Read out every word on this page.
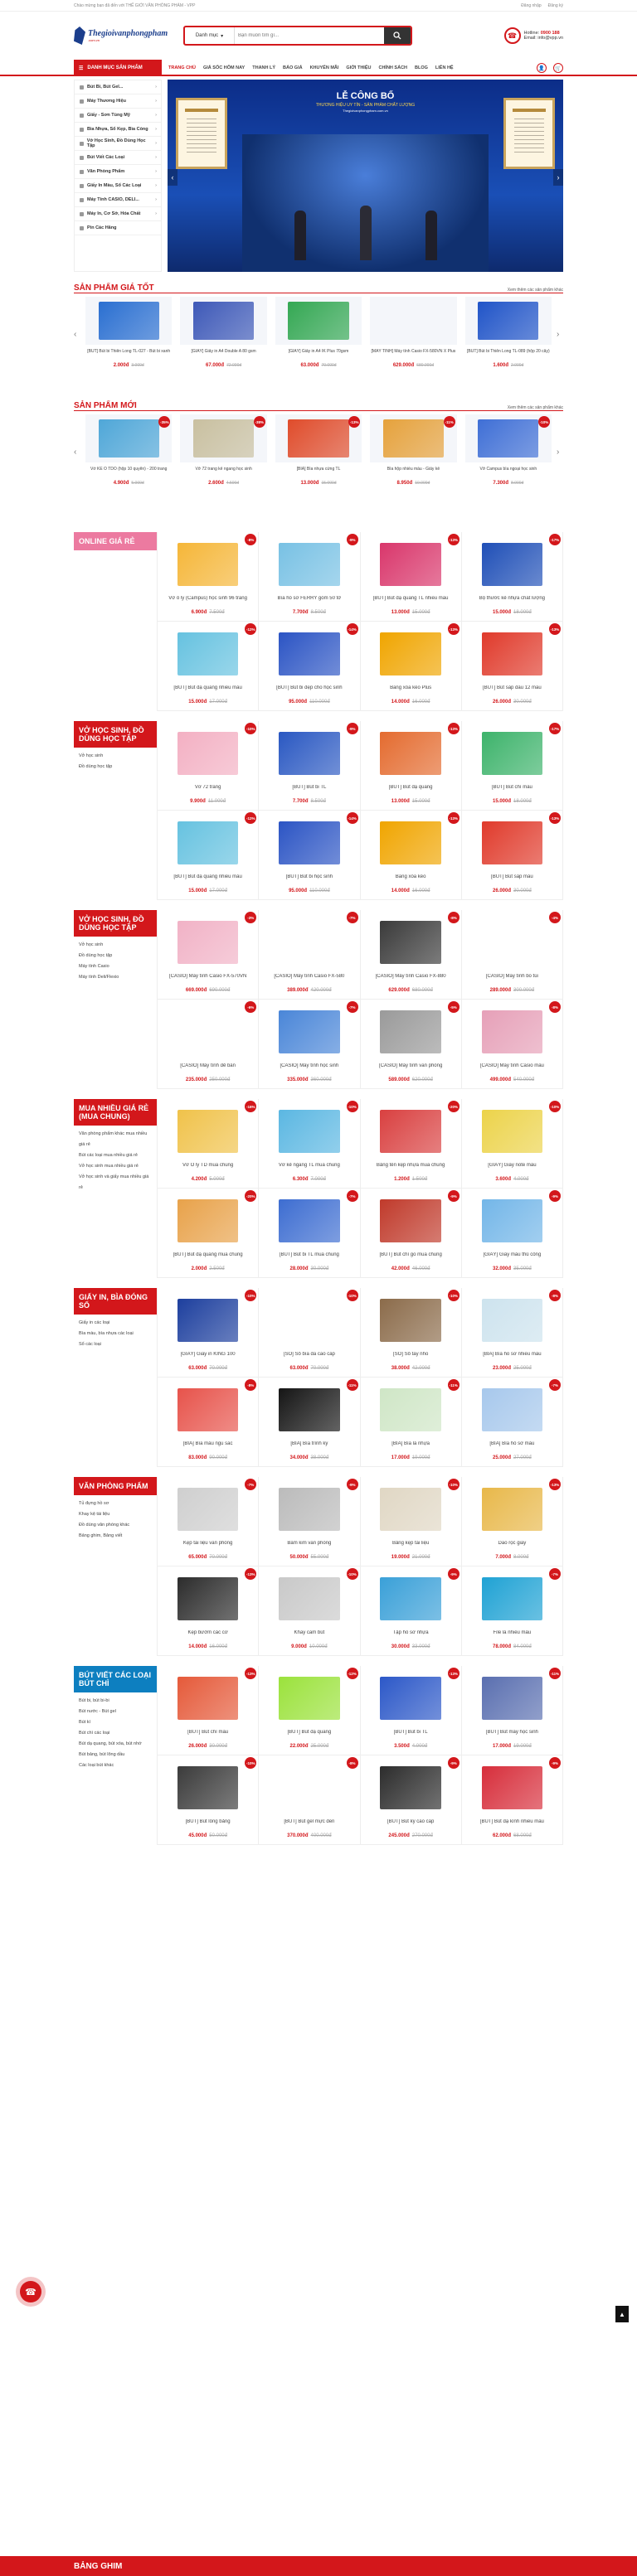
Chào mừng bạn đã đến với THẾ GIỚI VĂN PHÒNG PHẨM - VPP	Đăng nhập Đăng ký
Thegioivanphongpham
.com.vn
Danh mục ▾
Bạn muốn tìm gì...	☎	Hotline: 0900 188
Email: info@vpp.vn
☰ DANH MỤC SẢN PHẨM	TRANG CHỦ GIÁ SỐC HÔM NAY THANH LÝ BÁO GIÁ KHUYẾN MÃI GIỚI THIỆU CHÍNH SÁCH BLOG LIÊN HỆ	👤	🛒
Bút Bi, Bút Gel...
›
Máy Thương Hiệu
›
Giấy - Sơn Tùng Mỹ
›
Bìa Nhựa, Sổ Kẹp, Bìa Còng
›
Vở Học Sinh, Đồ Dùng Học Tập
›
Bút Viết Các Loại
›
Văn Phòng Phẩm
›
Giấy In Màu, Sổ Các Loại
›
Máy Tính CASIO, DELI...
›
Máy In, Cơ Sở, Hóa Chất
›
Pin Các Hãng
LỄ CÔNG BỐ
THƯƠNG HIỆU UY TÍN - SẢN PHẨM CHẤT LƯỢNG
Thegioivanphongpham.com.vn
‹	›
SẢN PHẨM GIÁ TỐT	Xem thêm các sản phẩm khác
‹
[BÚT] Bút bi Thiên Long TL-027 - Bút bi xanh
2.000đ 3.000đ
[GIẤY] Giấy in A4 Double A 80 gsm
67.000đ 72.000đ
[GIẤY] Giấy in A4 IK Plus 70gsm
63.000đ 70.000đ
[MÁY TÍNH] Máy tính Casio FX-580VN X Plus
629.000đ 680.000đ
[BÚT] Bút bi Thiên Long TL-089 (hộp 20 cây)
1.600đ 2.000đ
›
SẢN PHẨM MỚI	Xem thêm các sản phẩm khác
‹
-35%
Vở KẺ Ô TDO (hộp 10 quyển) - 200 trang
4.900đ 5.000đ
-38%
Vở 72 trang kẻ ngang học sinh
2.600đ 4.500đ
-13%
[BÌA] Bìa nhựa cứng TL
13.000đ 15.000đ
-11%
Bìa hộp nhiều màu - Giấy kẻ
8.950đ 10.000đ
-10%
Vở Campus bìa ngoại học sinh
7.300đ 8.000đ
›
ONLINE GIÁ RẺ	-8%
Vở ô ly (Campus) học sinh 96 trang
6.900đ 7.500đ
-9%
Bìa hồ sơ FERRY gồm 50 tờ
7.700đ 8.500đ
-13%
[BÚT] Bút dạ quang TL nhiều màu
13.000đ 15.000đ
-17%
Bộ thước kẻ nhựa chất lượng
15.000đ 18.000đ
-12%
[BÚT] Bút dạ quang nhiều màu
15.000đ 17.000đ
-14%
[BÚT] Bút bi đẹp cho học sinh
95.000đ 110.000đ
-13%
Băng xóa kéo Plus
14.000đ 16.000đ
-13%
[BÚT] Bút sáp dầu 12 màu
26.000đ 30.000đ
VỞ HỌC SINH, ĐỒ DÙNG HỌC TẬP
Vở học sinh
Đồ dùng học tập
-10%
Vở 72 trang
9.900đ 11.000đ
-9%
[BÚT] Bút bi TL
7.700đ 8.500đ
-13%
[BÚT] Bút dạ quang
13.000đ 15.000đ
-17%
[BÚT] Bút chì màu
15.000đ 18.000đ
-12%
[BÚT] Bút dạ quang nhiều màu
15.000đ 17.000đ
-14%
[BÚT] Bút bi học sinh
95.000đ 110.000đ
-13%
Băng xóa kéo
14.000đ 16.000đ
-13%
[BÚT] Bút sáp màu
26.000đ 30.000đ
VỞ HỌC SINH, ĐỒ DÙNG HỌC TẬP
Vở học sinh
Đồ dùng học tập
Máy tính Casio
Máy tính Deli/Flexio
-3%
[CASIO] Máy tính Casio FX-570VN
669.000đ 690.000đ
-7%
[CASIO] Máy tính Casio FX-580
389.000đ 420.000đ
-8%
[CASIO] Máy tính Casio FX-880
629.000đ 680.000đ
-4%
[CASIO] Máy tính bỏ túi
289.000đ 300.000đ
-6%
[CASIO] Máy tính để bàn
235.000đ 250.000đ
-7%
[CASIO] Máy tính học sinh
335.000đ 360.000đ
-5%
[CASIO] Máy tính văn phòng
589.000đ 620.000đ
-8%
[CASIO] Máy tính Casio màu
499.000đ 540.000đ
MUA NHIỀU GIÁ RẺ (MUA CHUNG)
Văn phòng phẩm khác mua nhiều giá rẻ
Bút các loại mua nhiều giá rẻ
Vở học sinh mua nhiều giá rẻ
Vở học sinh và giấy mua nhiều giá rẻ
-16%
Vở Ô ly TD mua chung
4.200đ 5.000đ
-10%
Vở kẻ ngang TL mua chung
6.300đ 7.000đ
-20%
Bảng tên kẹp nhựa mua chung
1.200đ 1.500đ
-10%
[GIẤY] Giấy note màu
3.600đ 4.000đ
-20%
[BÚT] Bút dạ quang mua chung
2.000đ 2.500đ
-7%
[BÚT] Bút bi TL mua chung
28.000đ 30.000đ
-9%
[BÚT] Bút chì gỗ mua chung
42.000đ 46.000đ
-9%
[GIẤY] Giấy màu thủ công
32.000đ 35.000đ
GIẤY IN, BÌA ĐÓNG SỔ
Giấy in các loại
Bìa màu, bìa nhựa các loại
Sổ các loại
-10%
[GIẤY] Giấy in KING 100
63.000đ 70.000đ
-10%
[SỔ] Sổ bìa da cao cấp
63.000đ 70.000đ
-10%
[SỔ] Sổ tay nhỏ
38.000đ 42.000đ
-8%
[BÌA] Bìa hồ sơ nhiều màu
23.000đ 25.000đ
-8%
[BÌA] Bìa màu ngũ sắc
83.000đ 90.000đ
-11%
[BÌA] Bìa trình ký
34.000đ 38.000đ
-11%
[BÌA] Bìa lá nhựa
17.000đ 19.000đ
-7%
[BÌA] Bìa hồ sơ màu
25.000đ 27.000đ
VĂN PHÒNG PHẨM
Tủ đựng hồ sơ
Khay kệ tài liệu
Đồ dùng văn phòng khác
Bảng ghim, Bảng viết
-7%
Kẹp tài liệu văn phòng
65.000đ 70.000đ
-9%
Bấm kim văn phòng
50.000đ 55.000đ
-10%
Bảng kẹp tài liệu
19.000đ 21.000đ
-13%
Dao rọc giấy
7.000đ 8.000đ
-13%
Kẹp bướm các cỡ
14.000đ 16.000đ
-10%
Khay cắm bút
9.000đ 10.000đ
-9%
Tập hồ sơ nhựa
30.000đ 33.000đ
-7%
File lá nhiều màu
78.000đ 84.000đ
BÚT VIẾT CÁC LOẠI BÚT CHÌ
Bút bi, bút bi-bi
Bút nước - Bút gel
Bút kí
Bút chì các loại
Bút dạ quang, bút xóa, bút nhớ
Bút bảng, bút lông dầu
Các loại bút khác
-13%
[BÚT] Bút chì màu
26.000đ 30.000đ
-12%
[BÚT] Bút dạ quang
22.000đ 25.000đ
-13%
[BÚT] Bút bi TL
3.500đ 4.000đ
-11%
[BÚT] Bút máy học sinh
17.000đ 19.000đ
-10%
[BÚT] Bút lông bảng
45.000đ 50.000đ
-8%
[BÚT] Bút gel mực đen
370.000đ 400.000đ
-9%
[BÚT] Bút ký cao cấp
245.000đ 270.000đ
-9%
[BÚT] Bút dạ kính nhiều màu
62.000đ 68.000đ
BẢNG GHIM
☎
▲
